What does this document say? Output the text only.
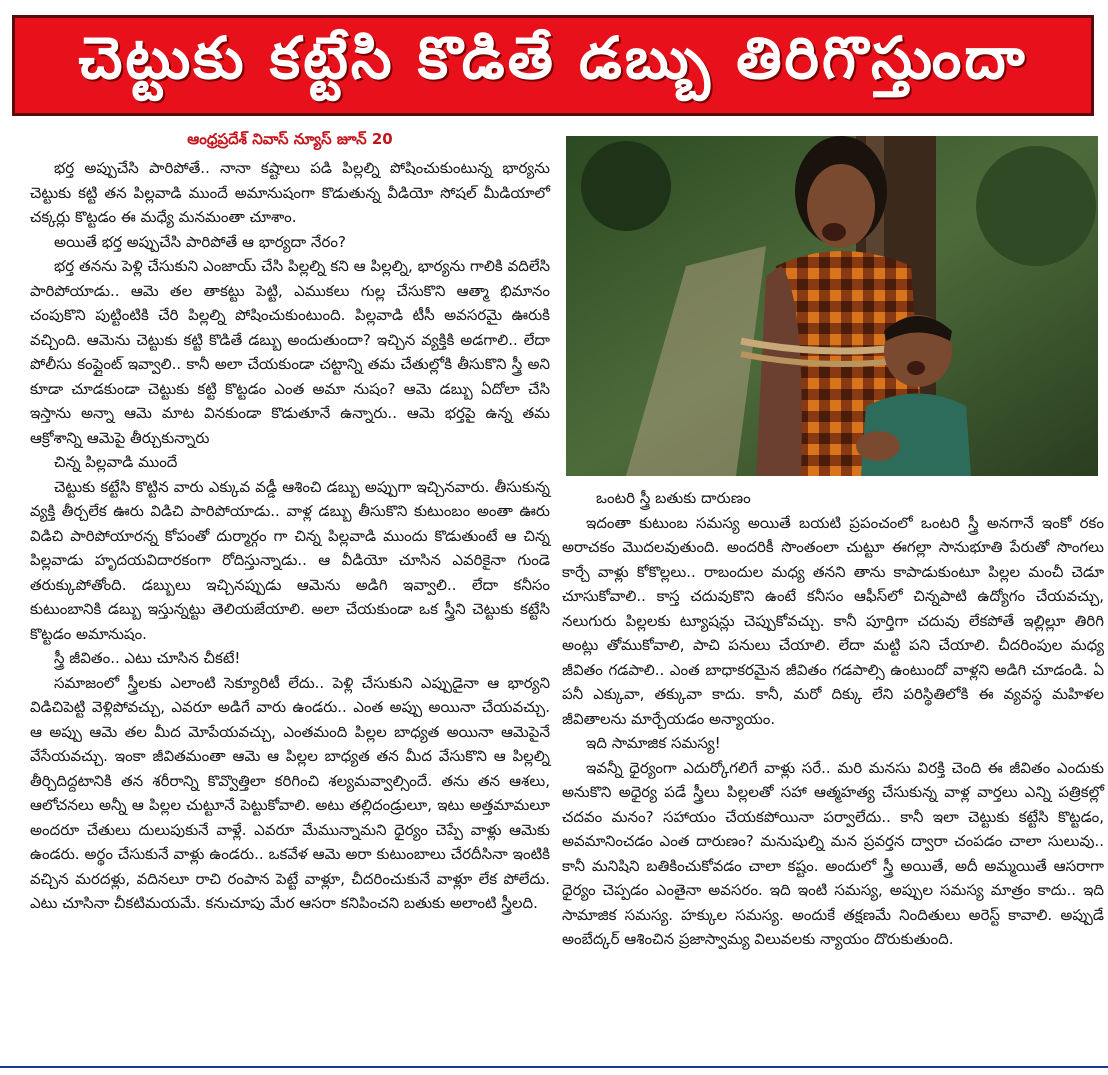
చెట్టుకు కట్టేసి కొడితే డబ్బు తిరిగొస్తుందా
ఆంధ్రప్రదేశ్ నివాస్ న్యూస్ జూన్ 20

భర్త అప్పుచేసి పారిపోతే.. నానా కష్టాలు పడి పిల్లల్ని పోషించుకుంటున్న భార్యను చెట్టుకు కట్టి తన పిల్లవాడి ముందే అమానుషంగా కొడుతున్న వీడియో సోషల్ మీడియాలో చక్కర్లు కొట్టడం ఈ మధ్యే మనమంతా చూశాం.

అయితే భర్త అప్పుచేసి పారిపోతే ఆ భార్యదా నేరం?

భర్త తనను పెళ్లి చేసుకుని ఎంజాయ్ చేసి పిల్లల్ని కని ఆ పిల్లల్ని, భార్యను గాలికి వదిలేసి పారిపోయాడు.. ఆమె తల తాకట్టు పెట్టి, ఎముకలు గుల్ల చేసుకొని ఆత్మా భిమానం చంపుకొని పుట్టింటికి చేరి పిల్లల్ని పోషించుకుంటుంది. పిల్లవాడి టీసీ అవసరమై ఊరుకి వచ్చింది. ఆమెను చెట్టుకు కట్టి కొడితే డబ్బు అందుతుందా? ఇచ్చిన వ్యక్తికి అడగాలి.. లేదా పోలీసు కంప్లైంట్ ఇవ్వాలి.. కానీ అలా చేయకుండా చట్టాన్ని తమ చేతుల్లోకి తీసుకొని స్త్రీ అని కూడా చూడకుండా చెట్టుకు కట్టి కొట్టడం ఎంత అమా నుషం? ఆమె డబ్బు ఏదోలా చేసి ఇస్తాను అన్నా ఆమె మాట వినకుండా కొడుతూనే ఉన్నారు.. ఆమె భర్తపై ఉన్న తమ ఆక్రోశాన్ని ఆమెపై తీర్చుకున్నారు

చిన్న పిల్లవాడి ముందే

చెట్టుకు కట్టేసి కొట్టిన వారు ఎక్కువ వడ్డీ ఆశించి డబ్బు అప్పుగా ఇచ్చినవారు. తీసుకున్న వ్యక్తి తీర్చలేక ఊరు విడిచి పారిపోయాడు.. వాళ్ల డబ్బు తీసుకొని కుటుంబం అంతా ఊరు విడిచి పారిపోయారన్న కోపంతో దుర్మార్గం గా చిన్న పిల్లవాడి ముందు కొడుతుంటే ఆ చిన్న పిల్లవాడు హృదయవిదారకంగా రోదిస్తున్నాడు.. ఆ వీడియో చూసిన ఎవరికైనా గుండె తరుక్కుపోతోంది. డబ్బులు ఇచ్చినప్పుడు ఆమెను అడిగి ఇవ్వాలి.. లేదా కనీసం కుటుంబానికి డబ్బు ఇస్తున్నట్టు తెలియజేయాలి. అలా చేయకుండా ఒక స్త్రీని చెట్టుకు కట్టేసి కొట్టడం అమానుషం.

స్త్రీ జీవితం.. ఎటు చూసిన చీకటే!

సమాజంలో స్త్రీలకు ఎలాంటి సెక్యూరిటీ లేదు.. పెళ్లి చేసుకుని ఎప్పుడైనా ఆ భార్యని విడిచిపెట్టి వెళ్లిపోవచ్చు, ఎవరూ అడిగే వారు ఉండరు.. ఎంత అప్పు అయినా చేయవచ్చు. ఆ అప్పు ఆమె తల మీద మోపేయవచ్చు, ఎంతమంది పిల్లల బాధ్యత అయినా ఆమెపైనే వేసేయవచ్చు. ఇంకా జీవితమంతా ఆమె ఆ పిల్లల బాధ్యత తన మీద వేసుకొని ఆ పిల్లల్ని తీర్చిదిద్దటానికి తన శరీరాన్ని కొవ్వొత్తిలా కరిగించి శల్యమవ్వాల్సిందే. తను తన ఆశలు, ఆలోచనలు అన్నీ ఆ పిల్లల చుట్టూనే పెట్టుకోవాలి. అటు తల్లిదండ్రులూ, ఇటు అత్తమామలూ అందరూ చేతులు దులుపుకునే వాళ్లే. ఎవరూ మేమున్నామని ధైర్యం చెప్పే వాళ్లు ఆమెకు ఉండరు. అర్థం చేసుకునే వాళ్లు ఉండరు.. ఒకవేళ ఆమె అరా కుటుంబాలు చేరదీసినా ఇంటికి వచ్చిన మరదళ్లు, వదినలూ రాచి రంపాన పెట్టే వాళ్లూ, చీదరించుకునే వాళ్లూ లేక పోలేదు. ఎటు చూసినా చీకటిమయమే. కనుచూపు మేర ఆసరా కనిపించని బతుకు అలాంటి స్త్రీలది.

ఒంటరి స్త్రీ బతుకు దారుణం

ఇదంతా కుటుంబ సమస్య అయితే బయటి ప్రపంచంలో ఒంటరి స్త్రీ అనగానే ఇంకో రకం అరాచకం మొదలవుతుంది. అందరికీ సొంతంలా చుట్టూ ఈగల్లా సానుభూతి పేరుతో సొంగలు కార్చే వాళ్లు కోకొల్లలు.. రాబందుల మధ్య తనని తాను కాపాడుకుంటూ పిల్లల మంచీ చెడూ చూసుకోవాలి.. కాస్త చదువుకొని ఉంటే కనీసం ఆఫీస్‌లో చిన్నపాటి ఉద్యోగం చేయవచ్చు, నలుగురు పిల్లలకు ట్యూషన్లు చెప్పుకోవచ్చు. కానీ పూర్తిగా చదువు లేకపోతే ఇల్లిల్లూ తిరిగి అంట్లు తోముకోవాలి, పాచి పనులు చేయాలి. లేదా మట్టి పని చేయాలి. చీదరింపుల మధ్య జీవితం గడపాలి.. ఎంత బాధాకరమైన జీవితం గడపాల్సి ఉంటుందో వాళ్లని అడిగి చూడండి. ఏ పనీ ఎక్కువా, తక్కువా కాదు. కానీ, మరో దిక్కు లేని పరిస్థితిలోకి ఈ వ్యవస్థ మహిళల జీవితాలను మార్చేయడం అన్యాయం.

ఇది సామాజిక సమస్య!

ఇవన్నీ ధైర్యంగా ఎదుర్కోగలిగే వాళ్లు సరే.. మరి మనసు విరక్తి చెంది ఈ జీవితం ఎందుకు అనుకొని అధైర్య పడే స్త్రీలు పిల్లలతో సహా ఆత్మహత్య చేసుకున్న వాళ్ల వార్తలు ఎన్ని పత్రికల్లో చదవం మనం? సహాయం చేయకపోయినా పర్వాలేదు.. కానీ ఇలా చెట్టుకు కట్టేసి కొట్టడం, అవమానించడం ఎంత దారుణం? మనుషుల్ని మన ప్రవర్తన ద్వారా చంపడం చాలా సులువు.. కానీ మనిషిని బతికించుకోవడం చాలా కష్టం. అందులో స్త్రీ అయితే, అదీ అమ్మయితే ఆసరాగా ధైర్యం చెప్పడం ఎంతైనా అవసరం. ఇది ఇంటి సమస్య, అప్పుల సమస్య మాత్రం కాదు.. ఇది సామాజిక సమస్య. హక్కుల సమస్య. అందుకే తక్షణమే నిందితులు అరెస్ట్ కావాలి. అప్పుడే అంబేద్కర్ ఆశించిన ప్రజాస్వామ్య విలువలకు న్యాయం దొరుకుతుంది.
